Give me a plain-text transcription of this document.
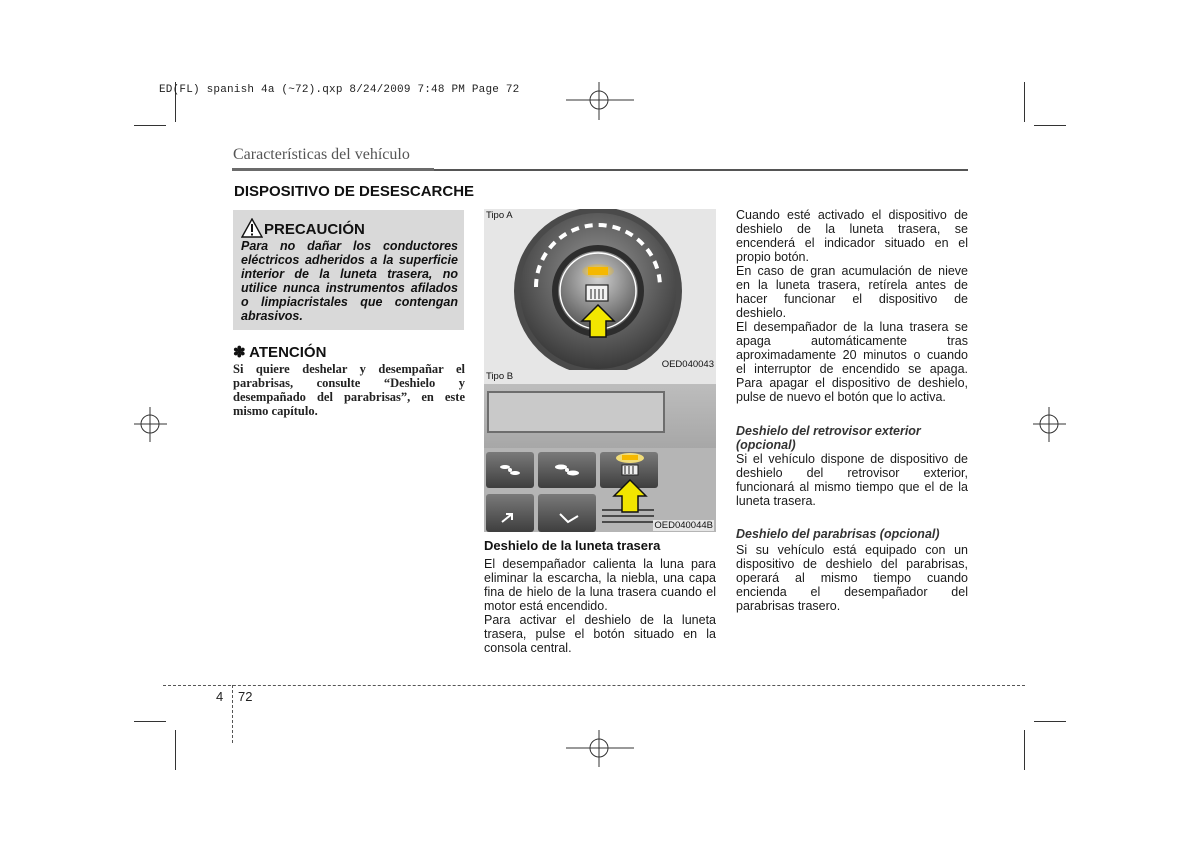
ED(FL) spanish 4a (~72).qxp 8/24/2009 7:48 PM Page 72
Características del vehículo
DISPOSITIVO DE DESESCARCHE
PRECAUCIÓN
Para no dañar los conductores eléctricos adheridos a la superficie interior de la luneta trasera, no utilice nunca instrumentos afilados o limpiacristales que contengan abrasivos.
✽ ATENCIÓN
Si quiere deshelar y desempañar el parabrisas, consulte “Deshielo y desempañado del parabrisas”, en este mismo capítulo.
Tipo A
OED040043
Tipo B
OED040044B
Deshielo de la luneta trasera

El desempañador calienta la luna para eliminar la escarcha, la niebla, una capa fina de hielo de la luna trasera cuando el motor está encendido.

Para activar el deshielo de la luneta trasera, pulse el botón situado en la consola central.

Cuando esté activado el dispositivo de deshielo de la luneta trasera, se encenderá el indicador situado en el propio botón.

En caso de gran acumulación de nieve en la luneta trasera, retírela antes de hacer funcionar el dispositivo de deshielo.

El desempañador de la luna trasera se apaga automáticamente tras aproximadamente 20 minutos o cuando el interruptor de encendido se apaga. Para apagar el dispositivo de deshielo, pulse de nuevo el botón que lo activa.

Deshielo del retrovisor exterior (opcional)
Si el vehículo dispone de dispositivo de deshielo del retrovisor exterior, funcionará al mismo tiempo que el de la luneta trasera.
Deshielo del parabrisas (opcional)
Si su vehículo está equipado con un dispositivo de deshielo del parabrisas, operará al mismo tiempo cuando encienda el desempañador del parabrisas trasero.
4 72
